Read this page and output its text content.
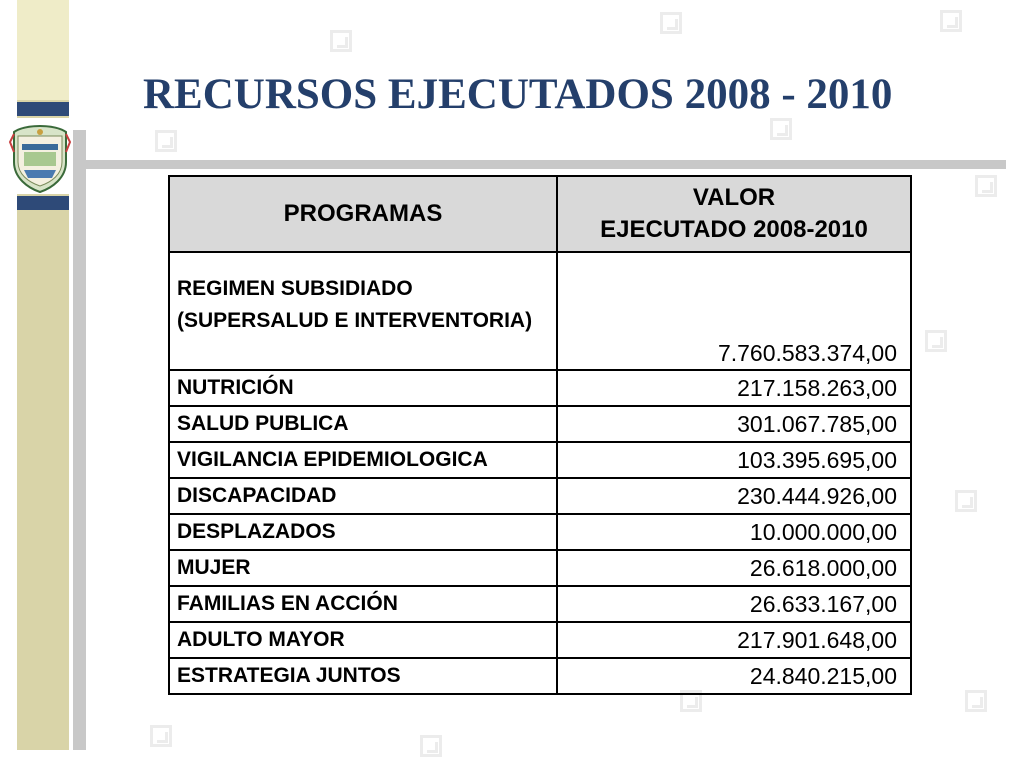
RECURSOS EJECUTADOS 2008 - 2010
PROGRAMAS	VALOR
EJECUTADO 2008-2010

REGIMEN SUBSIDIADO
(SUPERSALUD E INTERVENTORIA)	7.760.583.374,00
NUTRICIÓN	217.158.263,00
SALUD PUBLICA	301.067.785,00
VIGILANCIA EPIDEMIOLOGICA	103.395.695,00
DISCAPACIDAD	230.444.926,00
DESPLAZADOS	10.000.000,00
MUJER	26.618.000,00
FAMILIAS EN ACCIÓN	26.633.167,00
ADULTO MAYOR	217.901.648,00
ESTRATEGIA JUNTOS	24.840.215,00
